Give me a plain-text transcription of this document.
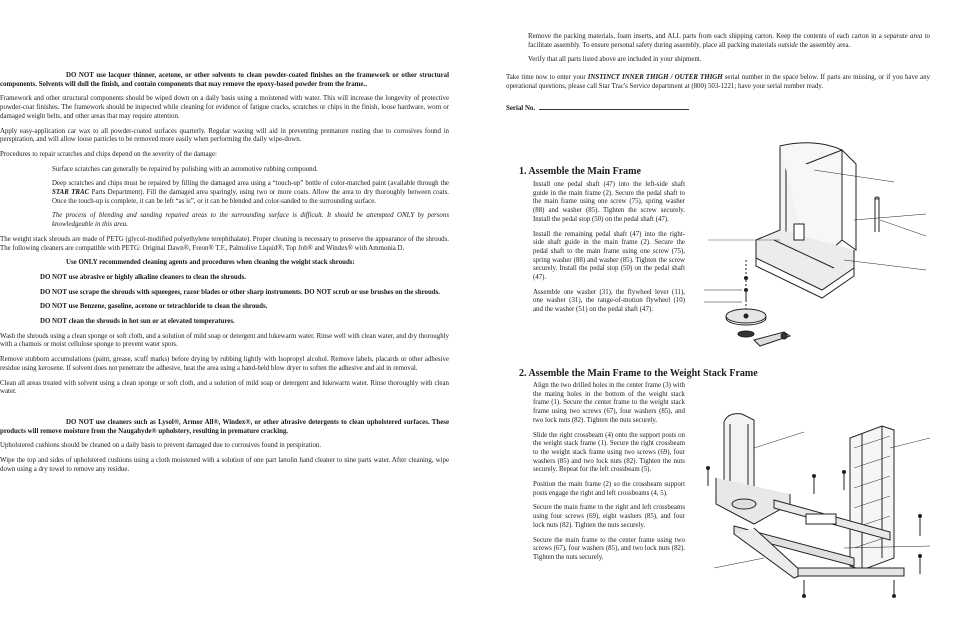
DO NOT use lacquer thinner, acetone, or other solvents to clean powder-coated finishes on the framework or other structural components. Solvents will dull the finish, and contain components that may remove the epoxy-based powder from the frame..

Framework and other structural components should be wiped down on a daily basis using a moistened with water. This will increase the longevity of protective powder-coat finishes. The framework should be inspected while cleaning for evidence of fatigue cracks, scratches or chips in the finish, loose hardware, worn or damaged weight belts, and other areas that may require attention.

Apply easy-application car wax to all powder-coated surfaces quarterly. Regular waxing will aid in preventing premature rusting due to corrosives found in perspiration, and will allow loose particles to be removed more easily when performing the daily wipe-down.

Procedures to repair scratches and chips depend on the severity of the damage:

Surface scratches can generally be repaired by polishing with an automotive rubbing compound.

Deep scratches and chips must be repaired by filling the damaged area using a “touch-up” bottle of color-matched paint (available through the STAR TRAC Parts Department). Fill the damaged area sparingly, using two or more coats. Allow the area to dry thoroughly between coats. Once the touch-up is complete, it can be left “as is”, or it can be blended and color-sanded to the surrounding surface.

The process of blending and sanding repaired areas to the surrounding surface is difficult. It should be attempted ONLY by persons knowledgeable in this area.

The weight stack shrouds are made of PETG (glycol-modified polyethylene terephthalate). Proper cleaning is necessary to preserve the appearance of the shrouds. The following cleaners are compatible with PETG: Original Dawn®, Freon® T.F., Palmolive Liquid®, Top Job® and Windex® with Ammonia D.

Use ONLY recommended cleaning agents and procedures when cleaning the weight stack shrouds:

DO NOT use abrasive or highly alkaline cleaners to clean the shrouds.

DO NOT use scrape the shrouds with squeegees, razor blades or other sharp instruments. DO NOT scrub or use brushes on the shrouds.

DO NOT use Benzene, gasoline, acetone or tetrachloride to clean the shrouds.

DO NOT clean the shrouds in hot sun or at elevated temperatures.

Wash the shrouds using a clean sponge or soft cloth, and a solution of mild soap or detergent and lukewarm water. Rinse well with clean water, and dry thoroughly with a chamois or moist cellulose sponge to prevent water spots.

Remove stubborn accumulations (paint, grease, scuff marks) before drying by rubbing lightly with Isopropyl alcohol. Remove labels, placards or other adhesive residue using kerosene. If solvent does not penetrate the adhesive, heat the area using a hand-held blow dryer to soften the adhesive and aid in removal.

Clean all areas treated with solvent using a clean sponge or soft cloth, and a solution of mild soap or detergent and lukewarm water. Rinse thoroughly with clean water.

DO NOT use cleaners such as Lysol®, Armor All®, Windex®, or other abrasive detergents to clean upholstered surfaces. These products will remove moisture from the Naugahyde® upholstery, resulting in premature cracking.

Upholstered cushions should be cleaned on a daily basis to prevent damaged due to corrosives found in perspiration.

Wipe the top and sides of upholstered cushions using a cloth moistened with a solution of one part lanolin hand cleaner to nine parts water. After cleaning, wipe down using a dry towel to remove any residue.

Remove the packing materials, foam inserts, and ALL parts from each shipping carton. Keep the contents of each carton in a separate area to facilitate assembly. To ensure personal safety during assembly, place all packing materials outside the assembly area.

Verify that all parts listed above are included in your shipment.

Take time now to enter your INSTINCT INNER THIGH / OUTER THIGH serial number in the space below. If parts are missing, or if you have any operational questions, please call Star Trac's Service department at (800) 503-1221; have your serial number ready.

Serial No.

1. Assemble the Main Frame

Install one pedal shaft (47) into the left-side shaft guide in the main frame (2). Secure the pedal shaft to the main frame using one screw (75), spring washer (88) and washer (85). Tighten the screw securely. Install the pedal stop (50) on the pedal shaft (47).

Install the remaining pedal shaft (47) into the right-side shaft guide in the main frame (2). Secure the pedal shaft to the main frame using one screw (75), spring washer (88) and washer (85). Tighten the screw securely. Install the pedal stop (50) on the pedal shaft (47).

Assemble one washer (31), the flywheel lever (11), one washer (31), the range-of-motion flywheel (10) and the washer (51) on the pedal shaft (47).

2. Assemble the Main Frame to the Weight Stack Frame

Align the two drilled holes in the center frame (3) with the mating holes in the bottom of the weight stack frame (1). Secure the center frame to the weight stack frame using two screws (67), four washers (85), and two lock nuts (82). Tighten the nuts securely.

Slide the right crossbeam (4) onto the support posts on the weight stack frame (1). Secure the right crossbeam to the weight stack frame using two screws (69), four washers (85) and two lock nuts (82). Tighten the nuts securely. Repeat for the left crossbeam (5).

Position the main frame (2) so the crossbeam support posts engage the right and left crossbeams (4, 5).

Secure the main frame to the right and left crossbeams using four screws (69), eight washers (85), and four lock nuts (82). Tighten the nuts securely.

Secure the main frame to the center frame using two screws (67), four washers (85), and two lock nuts (82). Tighten the nuts securely.
